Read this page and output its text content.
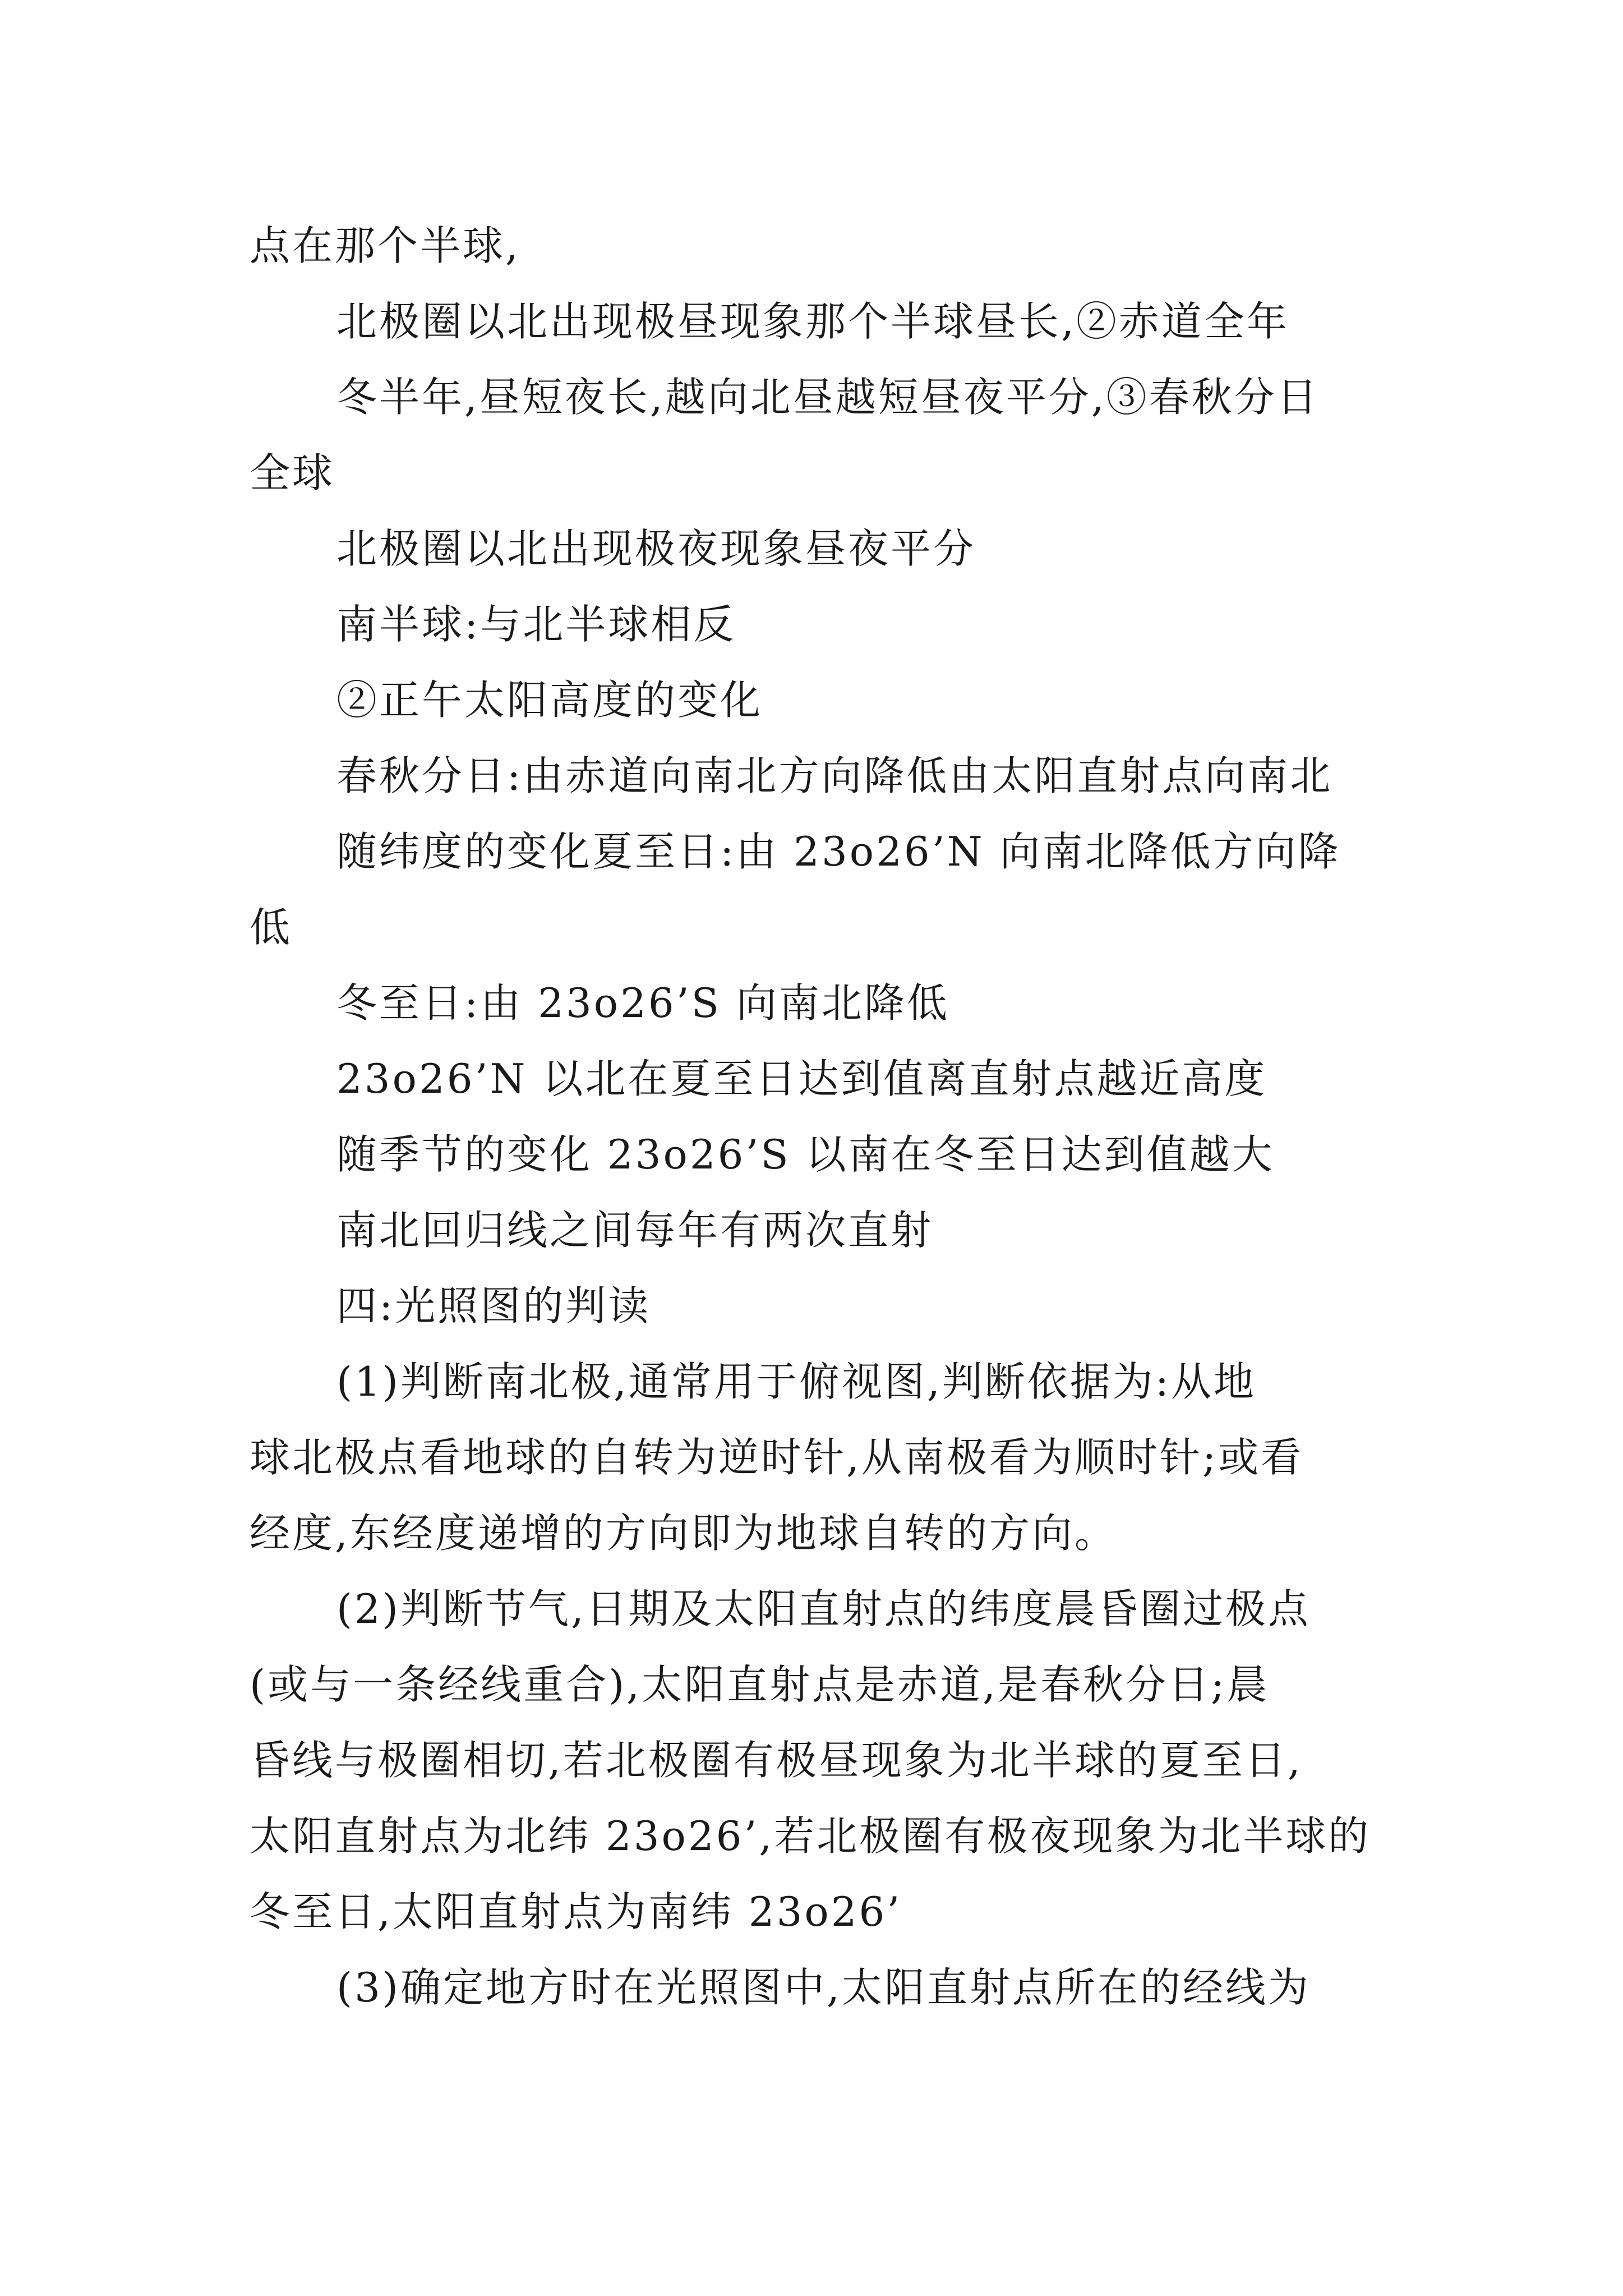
点在那个半球,
北极圈以北出现极昼现象那个半球昼长,②赤道全年
冬半年,昼短夜长,越向北昼越短昼夜平分,③春秋分日
全球
北极圈以北出现极夜现象昼夜平分
南半球:与北半球相反
②正午太阳高度的变化
春秋分日:由赤道向南北方向降低由太阳直射点向南北
随纬度的变化夏至日:由 23o26’N 向南北降低方向降
低
冬至日:由 23o26’S 向南北降低
23o26’N 以北在夏至日达到值离直射点越近高度
随季节的变化 23o26’S 以南在冬至日达到值越大
南北回归线之间每年有两次直射
四:光照图的判读
(1)判断南北极,通常用于俯视图,判断依据为:从地
球北极点看地球的自转为逆时针,从南极看为顺时针;或看
经度,东经度递增的方向即为地球自转的方向。
(2)判断节气,日期及太阳直射点的纬度晨昏圈过极点
(或与一条经线重合),太阳直射点是赤道,是春秋分日;晨
昏线与极圈相切,若北极圈有极昼现象为北半球的夏至日,
太阳直射点为北纬 23o26’,若北极圈有极夜现象为北半球的
冬至日,太阳直射点为南纬 23o26’
(3)确定地方时在光照图中,太阳直射点所在的经线为
